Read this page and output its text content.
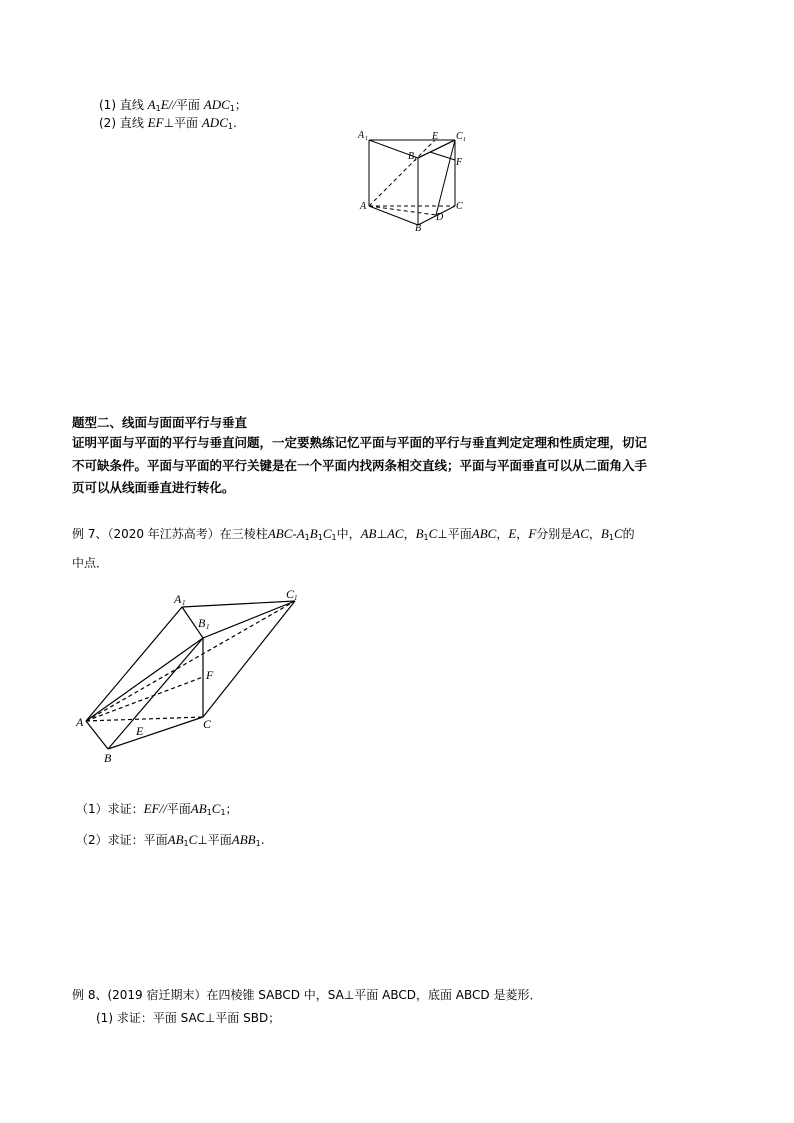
(1) 直线 $A_1E//$平面 $ADC_1$；
(2) 直线 EF⊥平面 $ADC_1$.
A 1	E C 1
B 1	F
A	C
D
B
题型二、线面与面面平行与垂直
证明平面与平面的平行与垂直问题，一定要熟练记忆平面与平面的平行与垂直判定定理和性质定理，切记
不可缺条件。平面与平面的平行关键是在一个平面内找两条相交直线；平面与平面垂直可以从二面角入手
页可以从线面垂直进行转化。
例 7、（2020 年江苏高考）在三棱柱ABC-$A_1B_1C_1$中，AB⊥AC，$B_1C\perp$平面ABC，E，F分别是AC，$B_1C$的
中点．
A 1
C 1
B 1
F
A
E	C
B
（1）求证：EF//平面$AB_1C_1$；
（2）求证：平面$AB_1C\perp$平面$ABB_1$.
例 8、(2019 宿迁期末）在四棱锥 SABCD 中，SA⊥平面 ABCD，底面 ABCD 是菱形．
(1) 求证：平面 SAC⊥平面 SBD；
